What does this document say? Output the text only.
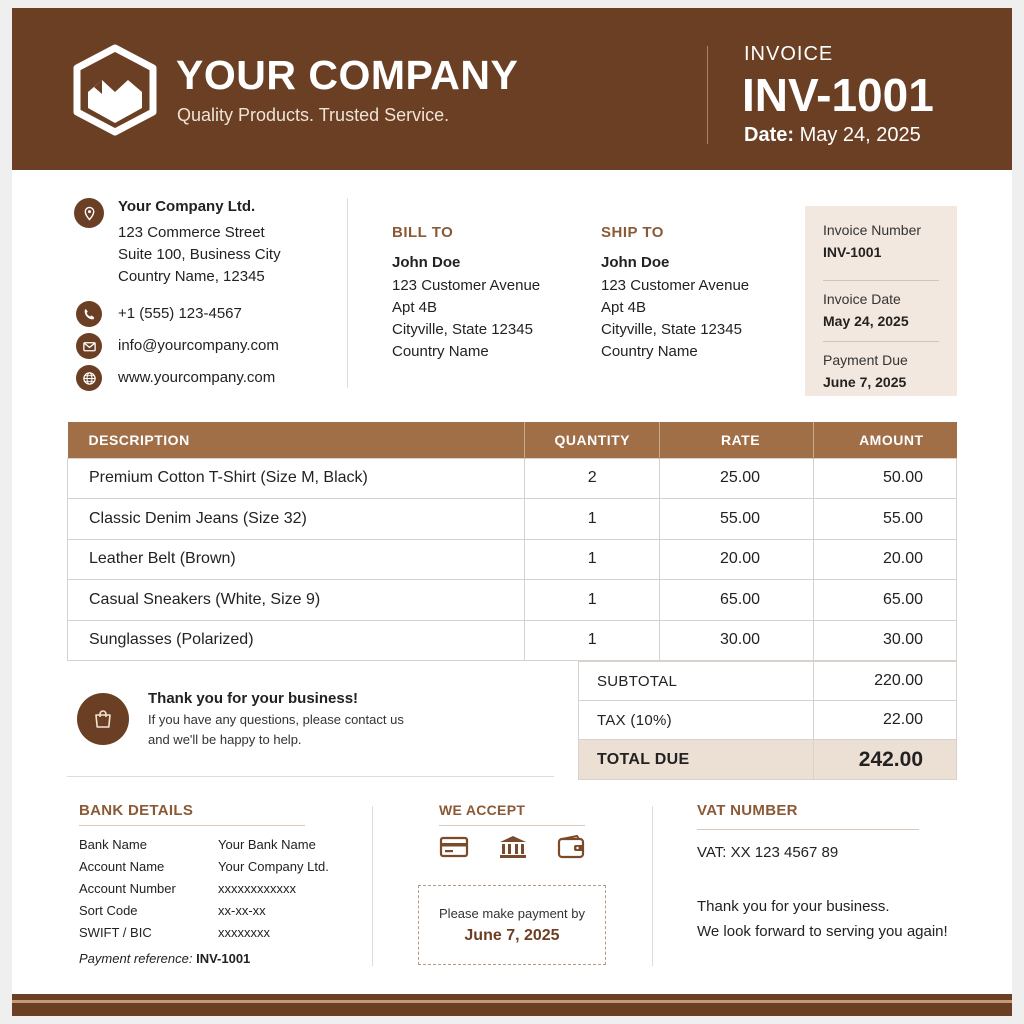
YOUR COMPANY
Quality Products. Trusted Service.
INVOICE
INV-1001
Date: May 24, 2025
Your Company Ltd.
123 Commerce Street
Suite 100, Business City
Country Name, 12345
+1 (555) 123-4567
info@yourcompany.com
www.yourcompany.com
BILL TO
John Doe
123 Customer Avenue
Apt 4B
Cityville, State 12345
Country Name
SHIP TO
John Doe
123 Customer Avenue
Apt 4B
Cityville, State 12345
Country Name
Invoice Number
INV-1001
Invoice Date
May 24, 2025
Payment Due
June 7, 2025
DESCRIPTION	QUANTITY	RATE	AMOUNT
Premium Cotton T-Shirt (Size M, Black)	2	25.00	50.00
Classic Denim Jeans (Size 32)	1	55.00	55.00
Leather Belt (Brown)	1	20.00	20.00
Casual Sneakers (White, Size 9)	1	65.00	65.00
Sunglasses (Polarized)	1	30.00	30.00
Thank you for your business!
If you have any questions, please contact us
and we'll be happy to help.
SUBTOTAL	220.00
TAX (10%)	22.00
TOTAL DUE	242.00
BANK DETAILS
Bank Name	Your Bank Name
Account Name	Your Company Ltd.
Account Number	xxxxxxxxxxxx
Sort Code	xx-xx-xx
SWIFT / BIC	xxxxxxxx
Payment reference: INV-1001
WE ACCEPT
Please make payment by
June 7, 2025
VAT NUMBER
VAT: XX 123 4567 89
Thank you for your business.
We look forward to serving you again!
